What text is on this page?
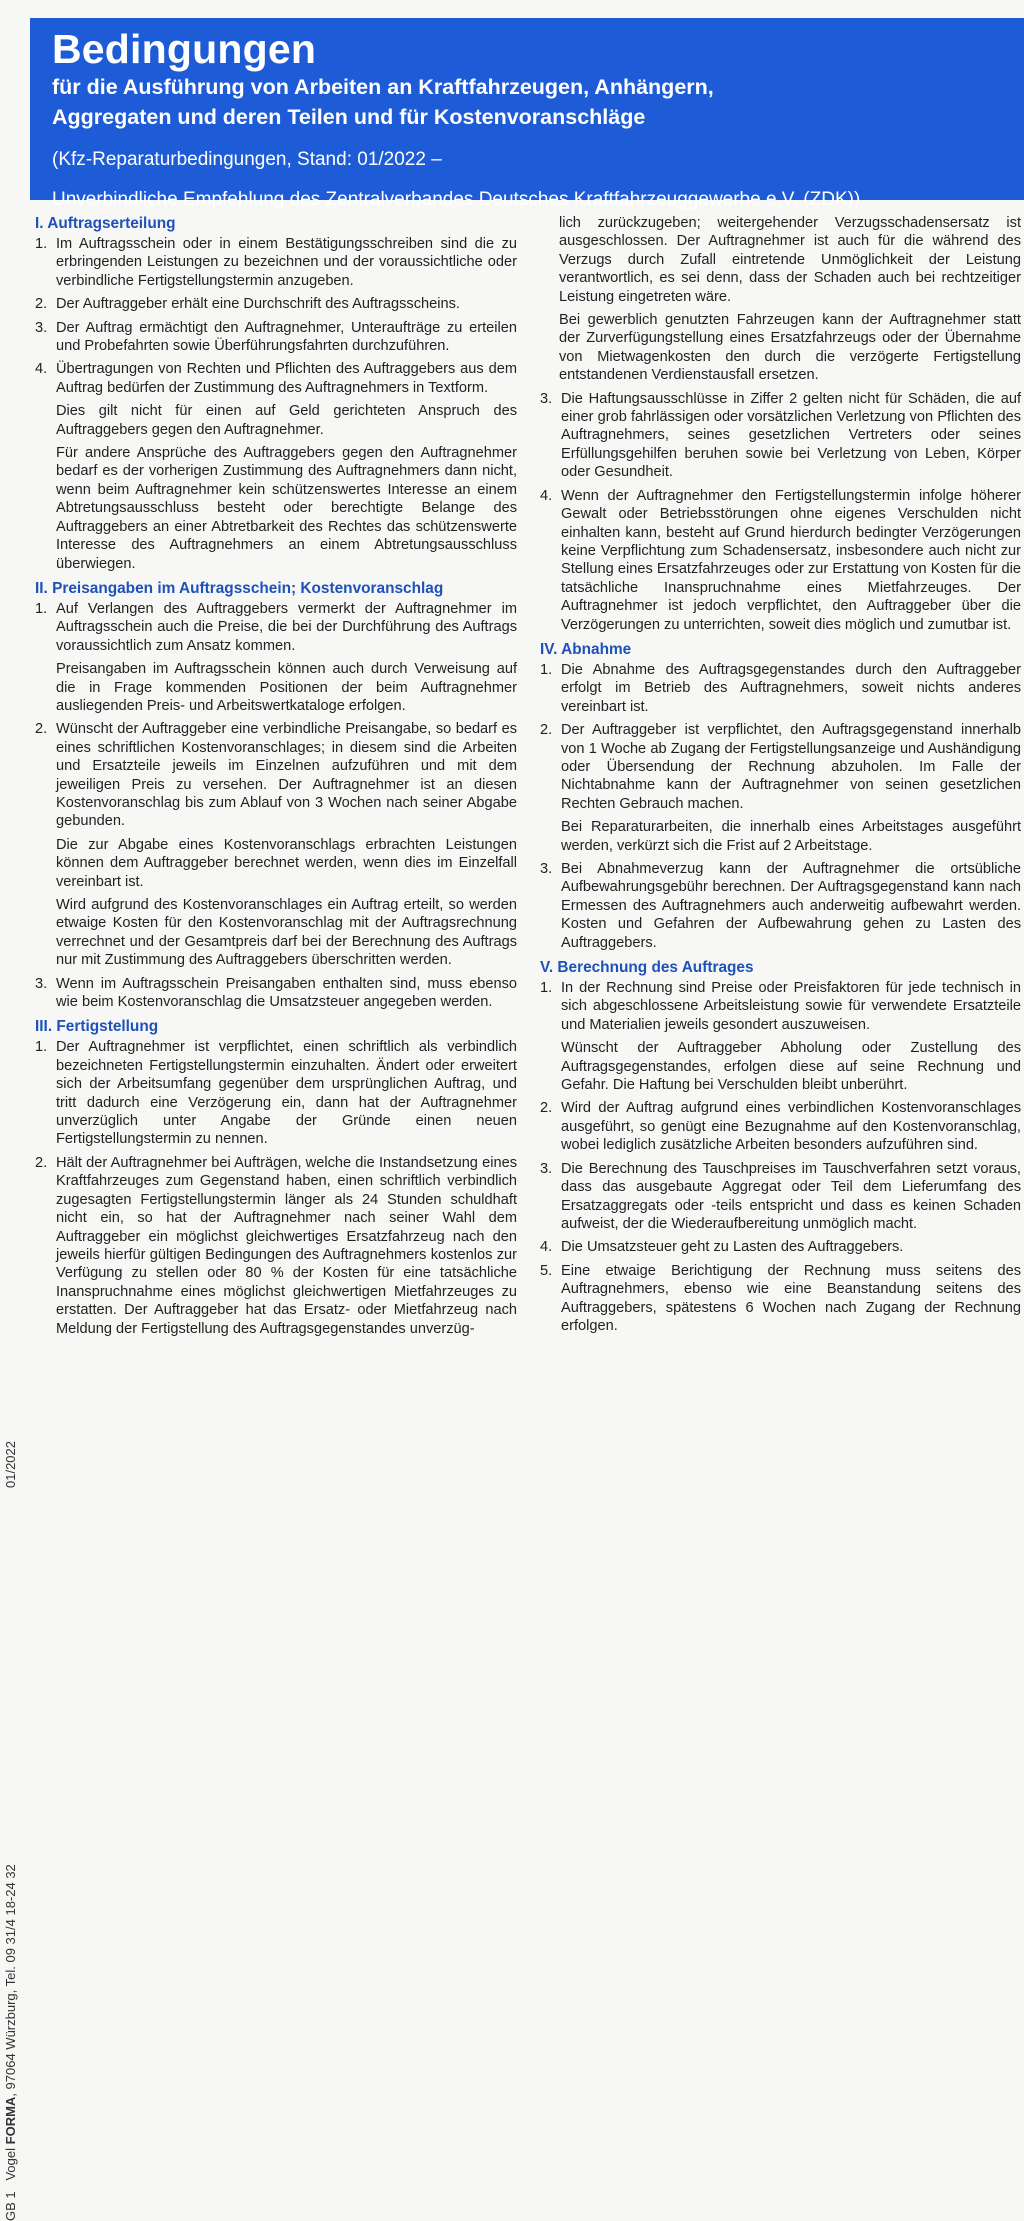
Bedingungen
für die Ausführung von Arbeiten an Kraftfahrzeugen, Anhängern,
Aggregaten und deren Teilen und für Kostenvoranschläge
(Kfz-Reparaturbedingungen, Stand: 01/2022 –
Unverbindliche Empfehlung des Zentralverbandes Deutsches Kraftfahrzeuggewerbe e.V. (ZDK))
GB 1   Vogel FORMA, 97064 Würzburg, Tel. 09 31/4 18-24 32
01/2022
I. Auftragserteilung
1. Im Auftragsschein oder in einem Bestätigungsschreiben sind die zu erbringenden Leistungen zu bezeichnen und der voraussichtliche oder verbindliche Fertigstellungstermin anzugeben.
2. Der Auftraggeber erhält eine Durchschrift des Auftragsscheins.
3. Der Auftrag ermächtigt den Auftragnehmer, Unteraufträge zu erteilen und Probefahrten sowie Überführungsfahrten durchzuführen.
4. Übertragungen von Rechten und Pflichten des Auftraggebers aus dem Auftrag bedürfen der Zustimmung des Auftragnehmers in Textform.
Dies gilt nicht für einen auf Geld gerichteten Anspruch des Auftraggebers gegen den Auftragnehmer.
Für andere Ansprüche des Auftraggebers gegen den Auftragnehmer bedarf es der vorherigen Zustimmung des Auftragnehmers dann nicht, wenn beim Auftragnehmer kein schützenswertes Interesse an einem Abtretungsausschluss besteht oder berechtigte Belange des Auftraggebers an einer Abtretbarkeit des Rechtes das schützenswerte Interesse des Auftragnehmers an einem Abtretungsausschluss überwiegen.
II. Preisangaben im Auftragsschein; Kostenvoranschlag
1. Auf Verlangen des Auftraggebers vermerkt der Auftragnehmer im Auftragsschein auch die Preise, die bei der Durchführung des Auftrags voraussichtlich zum Ansatz kommen.
Preisangaben im Auftragsschein können auch durch Verweisung auf die in Frage kommenden Positionen der beim Auftragnehmer ausliegenden Preis- und Arbeitswertkataloge erfolgen.
2. Wünscht der Auftraggeber eine verbindliche Preisangabe, so bedarf es eines schriftlichen Kostenvoranschlages; in diesem sind die Arbeiten und Ersatzteile jeweils im Einzelnen aufzuführen und mit dem jeweiligen Preis zu versehen. Der Auftragnehmer ist an diesen Kostenvoranschlag bis zum Ablauf von 3 Wochen nach seiner Abgabe gebunden.
Die zur Abgabe eines Kostenvoranschlags erbrachten Leistungen können dem Auftraggeber berechnet werden, wenn dies im Einzelfall vereinbart ist.
Wird aufgrund des Kostenvoranschlages ein Auftrag erteilt, so werden etwaige Kosten für den Kostenvoranschlag mit der Auftragsrechnung verrechnet und der Gesamtpreis darf bei der Berechnung des Auftrags nur mit Zustimmung des Auftraggebers überschritten werden.
3. Wenn im Auftragsschein Preisangaben enthalten sind, muss ebenso wie beim Kostenvoranschlag die Umsatzsteuer angegeben werden.
III. Fertigstellung
1. Der Auftragnehmer ist verpflichtet, einen schriftlich als verbindlich bezeichneten Fertigstellungstermin einzuhalten. Ändert oder erweitert sich der Arbeitsumfang gegenüber dem ursprünglichen Auftrag, und tritt dadurch eine Verzögerung ein, dann hat der Auftragnehmer unverzüglich unter Angabe der Gründe einen neuen Fertigstellungstermin zu nennen.
2. Hält der Auftragnehmer bei Aufträgen, welche die Instandsetzung eines Kraftfahrzeuges zum Gegenstand haben, einen schriftlich verbindlich zugesagten Fertigstellungstermin länger als 24 Stunden schuldhaft nicht ein, so hat der Auftragnehmer nach seiner Wahl dem Auftraggeber ein möglichst gleichwertiges Ersatzfahrzeug nach den jeweils hierfür gültigen Bedingungen des Auftragnehmers kostenlos zur Verfügung zu stellen oder 80 % der Kosten für eine tatsächliche Inanspruchnahme eines möglichst gleichwertigen Mietfahrzeuges zu erstatten. Der Auftraggeber hat das Ersatz- oder Mietfahrzeug nach Meldung der Fertigstellung des Auftragsgegenstandes unverzüg-
lich zurückzugeben; weitergehender Verzugsschadensersatz ist ausgeschlossen. Der Auftragnehmer ist auch für die während des Verzugs durch Zufall eintretende Unmöglichkeit der Leistung verantwortlich, es sei denn, dass der Schaden auch bei rechtzeitiger Leistung eingetreten wäre.
Bei gewerblich genutzten Fahrzeugen kann der Auftragnehmer statt der Zurverfügungstellung eines Ersatzfahrzeugs oder der Übernahme von Mietwagenkosten den durch die verzögerte Fertigstellung entstandenen Verdienstausfall ersetzen.
3. Die Haftungsausschlüsse in Ziffer 2 gelten nicht für Schäden, die auf einer grob fahrlässigen oder vorsätzlichen Verletzung von Pflichten des Auftragnehmers, seines gesetzlichen Vertreters oder seines Erfüllungsgehilfen beruhen sowie bei Verletzung von Leben, Körper oder Gesundheit.
4. Wenn der Auftragnehmer den Fertigstellungstermin infolge höherer Gewalt oder Betriebsstörungen ohne eigenes Verschulden nicht einhalten kann, besteht auf Grund hierdurch bedingter Verzögerungen keine Verpflichtung zum Schadensersatz, insbesondere auch nicht zur Stellung eines Ersatzfahrzeuges oder zur Erstattung von Kosten für die tatsächliche Inanspruchnahme eines Mietfahrzeuges. Der Auftragnehmer ist jedoch verpflichtet, den Auftraggeber über die Verzögerungen zu unterrichten, soweit dies möglich und zumutbar ist.
IV. Abnahme
1. Die Abnahme des Auftragsgegenstandes durch den Auftraggeber erfolgt im Betrieb des Auftragnehmers, soweit nichts anderes vereinbart ist.
2. Der Auftraggeber ist verpflichtet, den Auftragsgegenstand innerhalb von 1 Woche ab Zugang der Fertigstellungsanzeige und Aushändigung oder Übersendung der Rechnung abzuholen. Im Falle der Nichtabnahme kann der Auftragnehmer von seinen gesetzlichen Rechten Gebrauch machen.
Bei Reparaturarbeiten, die innerhalb eines Arbeitstages ausgeführt werden, verkürzt sich die Frist auf 2 Arbeitstage.
3. Bei Abnahmeverzug kann der Auftragnehmer die ortsübliche Aufbewahrungsgebühr berechnen. Der Auftragsgegenstand kann nach Ermessen des Auftragnehmers auch anderweitig aufbewahrt werden. Kosten und Gefahren der Aufbewahrung gehen zu Lasten des Auftraggebers.
V. Berechnung des Auftrages
1. In der Rechnung sind Preise oder Preisfaktoren für jede technisch in sich abgeschlossene Arbeitsleistung sowie für verwendete Ersatzteile und Materialien jeweils gesondert auszuweisen.
Wünscht der Auftraggeber Abholung oder Zustellung des Auftragsgegenstandes, erfolgen diese auf seine Rechnung und Gefahr. Die Haftung bei Verschulden bleibt unberührt.
2. Wird der Auftrag aufgrund eines verbindlichen Kostenvoranschlages ausgeführt, so genügt eine Bezugnahme auf den Kostenvoranschlag, wobei lediglich zusätzliche Arbeiten besonders aufzuführen sind.
3. Die Berechnung des Tauschpreises im Tauschverfahren setzt voraus, dass das ausgebaute Aggregat oder Teil dem Lieferumfang des Ersatzaggregats oder -teils entspricht und dass es keinen Schaden aufweist, der die Wiederaufbereitung unmöglich macht.
4. Die Umsatzsteuer geht zu Lasten des Auftraggebers.
5. Eine etwaige Berichtigung der Rechnung muss seitens des Auftragnehmers, ebenso wie eine Beanstandung seitens des Auftraggebers, spätestens 6 Wochen nach Zugang der Rechnung erfolgen.
